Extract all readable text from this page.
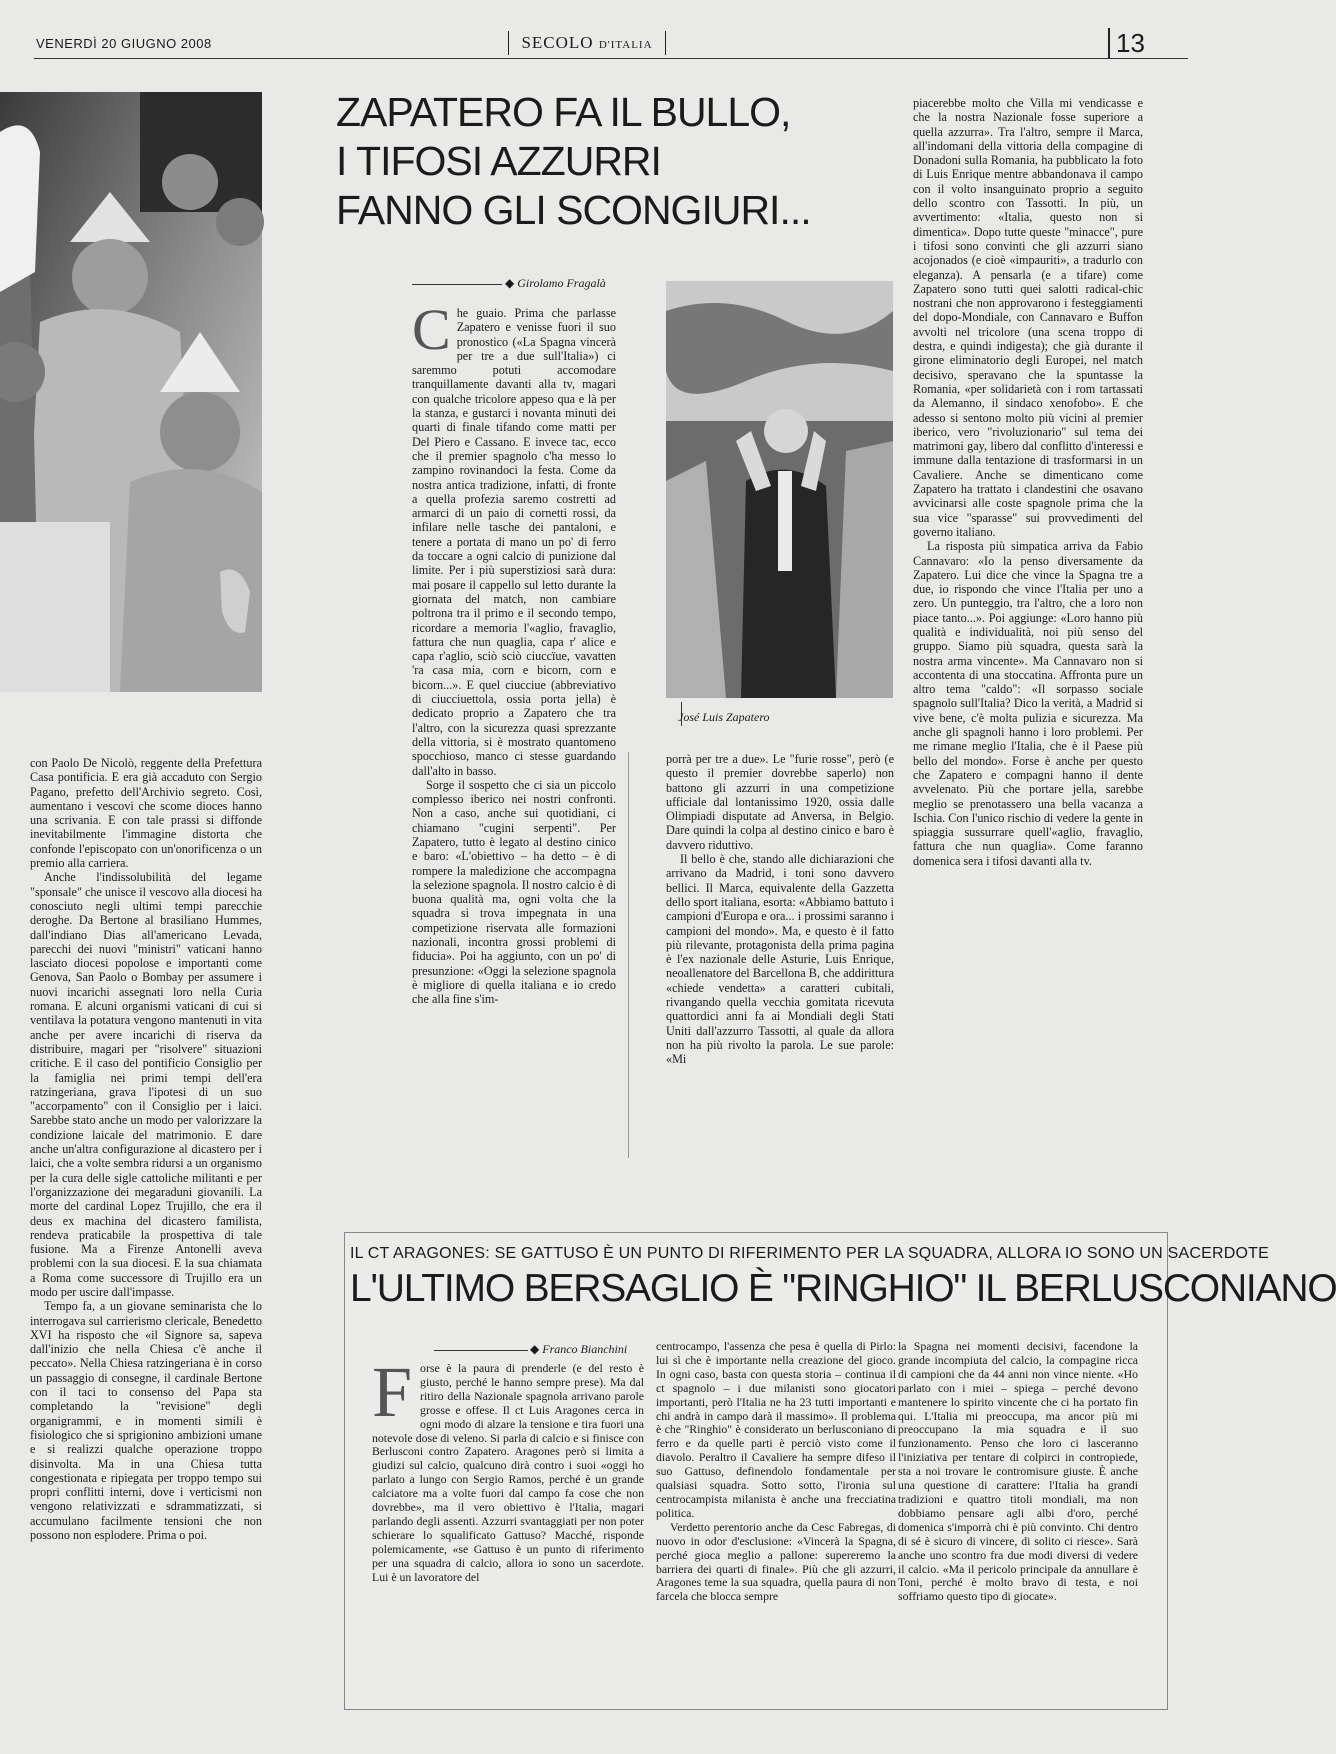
VENERDÌ 20 GIUGNO 2008	SECOLO D'ITALIA	13
ZAPATERO FA IL BULLO,
I TIFOSI AZZURRI
FANNO GLI SCONGIURI...
◆ Girolamo Fragalà
José Luis Zapatero

con Paolo De Nicolò, reggente della Prefettura Casa pontificia. E era già accaduto con Sergio Pagano, prefetto dell'Archivio segreto. Così, aumentano i vescovi che scome dioces hanno una scrivania. E con tale prassi si diffonde inevitabilmente l'immagine distorta che confonde l'episcopato con un'onorificenza o un premio alla carriera.

Anche l'indissolubilità del legame "sponsale" che unisce il vescovo alla diocesi ha conosciuto negli ultimi tempi parecchie deroghe. Da Bertone al brasiliano Hummes, dall'indiano Dias all'americano Levada, parecchi dei nuovi "ministri" vaticani hanno lasciato diocesi popolose e importanti come Genova, San Paolo o Bombay per assumere i nuovi incarichi assegnati loro nella Curia romana. E alcuni organismi vaticani di cui si ventilava la potatura vengono mantenuti in vita anche per avere incarichi di riserva da distribuire, magari per "risolvere" situazioni critiche. E il caso del pontificio Consiglio per la famiglia nei primi tempi dell'era ratzingeriana, grava l'ipotesi di un suo "accorpamento" con il Consiglio per i laici. Sarebbe stato anche un modo per valorizzare la condizione laicale del matrimonio. E dare anche un'altra configurazione al dicastero per i laici, che a volte sembra ridursi a un organismo per la cura delle sigle cattoliche militanti e per l'organizzazione dei megaraduni giovanili. La morte del cardinal Lopez Trujillo, che era il deus ex machina del dicastero familista, rendeva praticabile la prospettiva di tale fusione. Ma a Firenze Antonelli aveva problemi con la sua diocesi. E la sua chiamata a Roma come successore di Trujillo era un modo per uscire dall'impasse.

Tempo fa, a un giovane seminarista che lo interrogava sul carrierismo clericale, Benedetto XVI ha risposto che «il Signore sa, sapeva dall'inizio che nella Chiesa c'è anche il peccato». Nella Chiesa ratzingeriana è in corso un passaggio di consegne, il cardinale Bertone con il taci to consenso del Papa sta completando la "revisione" degli organigrammi, e in momenti simili è fisiologico che si sprigionino ambizioni umane e si realizzi qualche operazione troppo disinvolta. Ma in una Chiesa tutta congestionata e ripiegata per troppo tempo sui propri conflitti interni, dove i verticismi non vengono relativizzati e sdrammatizzati, si accumulano facilmente tensioni che non possono non esplodere. Prima o poi.

Che guaio. Prima che parlasse Zapatero e venisse fuori il suo pronostico («La Spagna vincerà per tre a due sull'Italia») ci saremmo potuti accomodare tranquillamente davanti alla tv, magari con qualche tricolore appeso qua e là per la stanza, e gustarci i novanta minuti dei quarti di finale tifando come matti per Del Piero e Cassano. E invece tac, ecco che il premier spagnolo c'ha messo lo zampino rovinandoci la festa. Come da nostra antica tradizione, infatti, di fronte a quella profezia saremo costretti ad armarci di un paio di cornetti rossi, da infilare nelle tasche dei pantaloni, e tenere a portata di mano un po' di ferro da toccare a ogni calcio di punizione dal limite. Per i più superstiziosi sarà dura: mai posare il cappello sul letto durante la giornata del match, non cambiare poltrona tra il primo e il secondo tempo, ricordare a memoria l'«aglio, fravaglio, fattura che nun quaglia, capa r' alice e capa r'aglio, sciò sciò ciuccïue, vavatten 'ra casa mia, corn e bicorn, corn e bicorn...». E quel ciucciue (abbreviativo di ciucciuettola, ossia porta jella) è dedicato proprio a Zapatero che tra l'altro, con la sicurezza quasi sprezzante della vittoria, si è mostrato quantomeno spocchioso, manco ci stesse guardando dall'alto in basso.

Sorge il sospetto che ci sia un piccolo complesso iberico nei nostri confronti. Non a caso, anche sui quotidiani, ci chiamano "cugini serpenti". Per Zapatero, tutto è legato al destino cinico e baro: «L'obiettivo – ha detto – è di rompere la maledizione che accompagna la selezione spagnola. Il nostro calcio è di buona qualità ma, ogni volta che la squadra si trova impegnata in una competizione riservata alle formazioni nazionali, incontra grossi problemi di fiducia». Poi ha aggiunto, con un po' di presunzione: «Oggi la selezione spagnola è migliore di quella italiana e io credo che alla fine s'im-

porrà per tre a due». Le "furie rosse", però (e questo il premier dovrebbe saperlo) non battono gli azzurri in una competizione ufficiale dal lontanissimo 1920, ossia dalle Olimpiadi disputate ad Anversa, in Belgio. Dare quindi la colpa al destino cinico e baro è davvero riduttivo.

Il bello è che, stando alle dichiarazioni che arrivano da Madrid, i toni sono davvero bellici. Il Marca, equivalente della Gazzetta dello sport italiana, esorta: «Abbiamo battuto i campioni d'Europa e ora... i prossimi saranno i campioni del mondo». Ma, e questo è il fatto più rilevante, protagonista della prima pagina è l'ex nazionale delle Asturie, Luis Enrique, neoallenatore del Barcellona B, che addirittura «chiede vendetta» a caratteri cubitali, rivangando quella vecchia gomitata ricevuta quattordici anni fa ai Mondiali degli Stati Uniti dall'azzurro Tassotti, al quale da allora non ha più rivolto la parola. Le sue parole: «Mi

piacerebbe molto che Villa mi vendicasse e che la nostra Nazionale fosse superiore a quella azzurra». Tra l'altro, sempre il Marca, all'indomani della vittoria della compagine di Donadoni sulla Romania, ha pubblicato la foto di Luis Enrique mentre abbandonava il campo con il volto insanguinato proprio a seguito dello scontro con Tassotti. In più, un avvertimento: «Italia, questo non si dimentica». Dopo tutte queste "minacce", pure i tifosi sono convinti che gli azzurri siano acojonados (e cioè «impauriti», a tradurlo con eleganza). A pensarla (e a tifare) come Zapatero sono tutti quei salotti radical-chic nostrani che non approvarono i festeggiamenti del dopo-Mondiale, con Cannavaro e Buffon avvolti nel tricolore (una scena troppo di destra, e quindi indigesta); che già durante il girone eliminatorio degli Europei, nel match decisivo, speravano che la spuntasse la Romania, «per solidarietà con i rom tartassati da Alemanno, il sindaco xenofobo». E che adesso si sentono molto più vicini al premier iberico, vero "rivoluzionario" sul tema dei matrimoni gay, libero dal conflitto d'interessi e immune dalla tentazione di trasformarsi in un Cavaliere. Anche se dimenticano come Zapatero ha trattato i clandestini che osavano avvicinarsi alle coste spagnole prima che la sua vice "sparasse" sui provvedimenti del governo italiano.

La risposta più simpatica arriva da Fabio Cannavaro: «Io la penso diversamente da Zapatero. Lui dice che vince la Spagna tre a due, io rispondo che vince l'Italia per uno a zero. Un punteggio, tra l'altro, che a loro non piace tanto...». Poi aggiunge: «Loro hanno più qualità e individualità, noi più senso del gruppo. Siamo più squadra, questa sarà la nostra arma vincente». Ma Cannavaro non si accontenta di una stoccatina. Affronta pure un altro tema "caldo": «Il sorpasso sociale spagnolo sull'Italia? Dico la verità, a Madrid si vive bene, c'è molta pulizia e sicurezza. Ma anche gli spagnoli hanno i loro problemi. Per me rimane meglio l'Italia, che è il Paese più bello del mondo». Forse è anche per questo che Zapatero e compagni hanno il dente avvelenato. Più che portare jella, sarebbe meglio se prenotassero una bella vacanza a Ischia. Con l'unico rischio di vedere la gente in spiaggia sussurrare quell'«aglio, fravaglio, fattura che nun quaglia». Come faranno domenica sera i tifosi davanti alla tv.

IL CT ARAGONES: SE GATTUSO È UN PUNTO DI RIFERIMENTO PER LA SQUADRA, ALLORA IO SONO UN SACERDOTE
L'ULTIMO BERSAGLIO È "RINGHIO" IL BERLUSCONIANO
◆ Franco Bianchini

Forse è la paura di prenderle (e del resto è giusto, perché le hanno sempre prese). Ma dal ritiro della Nazionale spagnola arrivano parole grosse e offese. Il ct Luis Aragones cerca in ogni modo di alzare la tensione e tira fuori una notevole dose di veleno. Si parla di calcio e si finisce con Berlusconi contro Zapatero. Aragones però si limita a giudizi sul calcio, qualcuno dirà contro i suoi «oggi ho parlato a lungo con Sergio Ramos, perché è un grande calciatore ma a volte fuori dal campo fa cose che non dovrebbe», ma il vero obiettivo è l'Italia, magari parlando degli assenti. Azzurri svantaggiati per non poter schierare lo squalificato Gattuso? Macché, risponde polemicamente, «se Gattuso è un punto di riferimento per una squadra di calcio, allora io sono un sacerdote. Lui è un lavoratore del

centrocampo, l'assenza che pesa è quella di Pirlo: lui sì che è importante nella creazione del gioco. In ogni caso, basta con questa storia – continua il ct spagnolo – i due milanisti sono giocatori importanti, però l'Italia ne ha 23 tutti importanti e chi andrà in campo darà il massimo». Il problema è che "Ringhio" è considerato un berlusconiano di ferro e da quelle parti è perciò visto come il diavolo. Peraltro il Cavaliere ha sempre difeso il suo Gattuso, definendolo fondamentale per qualsiasi squadra. Sotto sotto, l'ironia sul centrocampista milanista è anche una frecciatina politica.

Verdetto perentorio anche da Cesc Fabregas, di nuovo in odor d'esclusione: «Vincerà la Spagna, perché gioca meglio a pallone: supereremo la barriera dei quarti di finale». Più che gli azzurri, Aragones teme la sua squadra, quella paura di non farcela che blocca sempre

la Spagna nei momenti decisivi, facendone la grande incompiuta del calcio, la compagine ricca di campioni che da 44 anni non vince niente. «Ho parlato con i miei – spiega – perché devono mantenere lo spirito vincente che ci ha portato fin qui. L'Italia mi preoccupa, ma ancor più mi preoccupano la mia squadra e il suo funzionamento. Penso che loro ci lasceranno l'iniziativa per tentare di colpirci in contropiede, sta a noi trovare le contromisure giuste. È anche una questione di carattere: l'Italia ha grandi tradizioni e quattro titoli mondiali, ma non dobbiamo pensare agli albi d'oro, perché domenica s'imporrà chi è più convinto. Chi dentro di sé è sicuro di vincere, di solito ci riesce». Sarà anche uno scontro fra due modi diversi di vedere il calcio. «Ma il pericolo principale da annullare è Toni, perché è molto bravo di testa, e noi soffriamo questo tipo di giocate».
